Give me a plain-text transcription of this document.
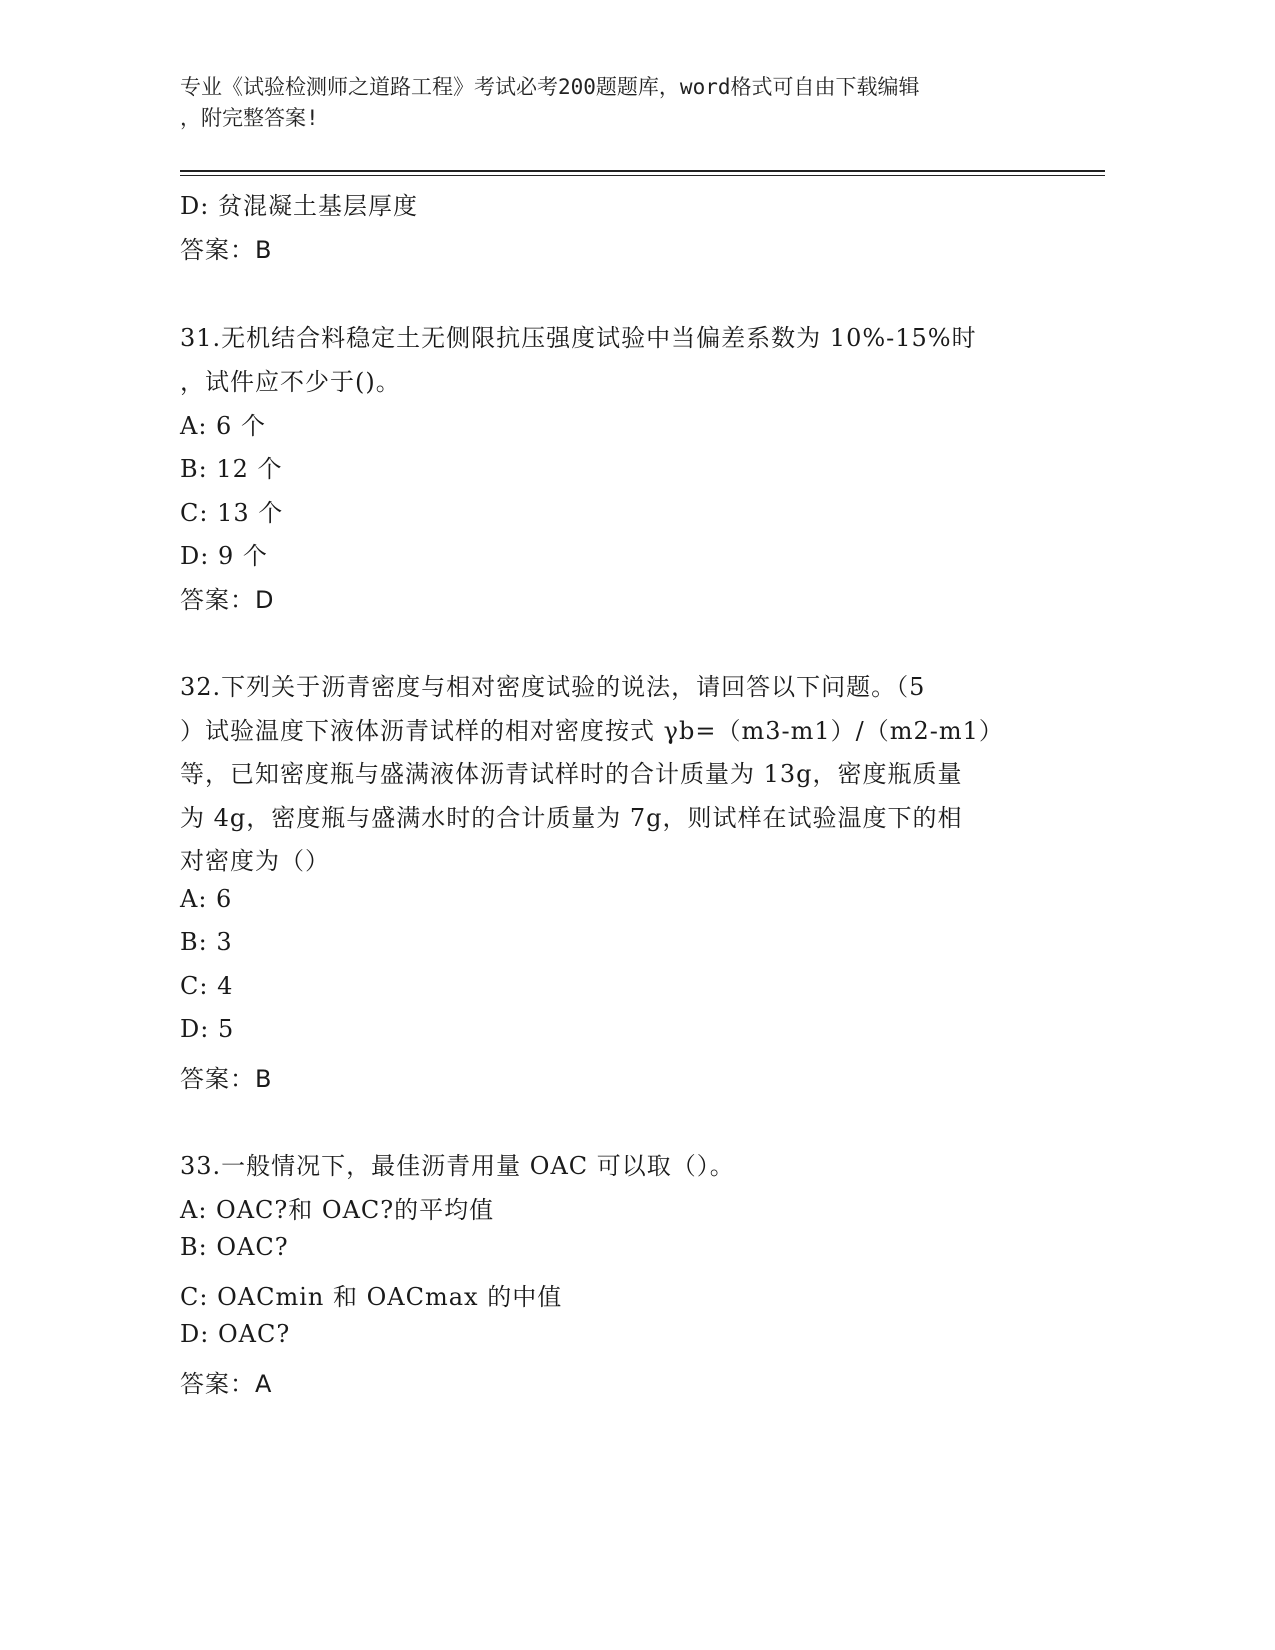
专业《试验检测师之道路工程》考试必考200题题库，word格式可自由下载编辑
，附完整答案!
D: 贫混凝土基层厚度
答案：B
31.无机结合料稳定土无侧限抗压强度试验中当偏差系数为 10%-15%时
，试件应不少于()。
A: 6 个
B: 12 个
C: 13 个
D: 9 个
答案：D
32.下列关于沥青密度与相对密度试验的说法，请回答以下问题。（5
）试验温度下液体沥青试样的相对密度按式 γb=（m3-m1）/（m2-m1）
等，已知密度瓶与盛满液体沥青试样时的合计质量为 13g，密度瓶质量
为 4g，密度瓶与盛满水时的合计质量为 7g，则试样在试验温度下的相
对密度为（）
A: 6
B: 3
C: 4
D: 5
答案：B
33.一般情况下，最佳沥青用量 OAC 可以取（）。
A: OAC?和 OAC?的平均值
B: OAC?
C: OACmin 和 OACmax 的中值
D: OAC?
答案：A
